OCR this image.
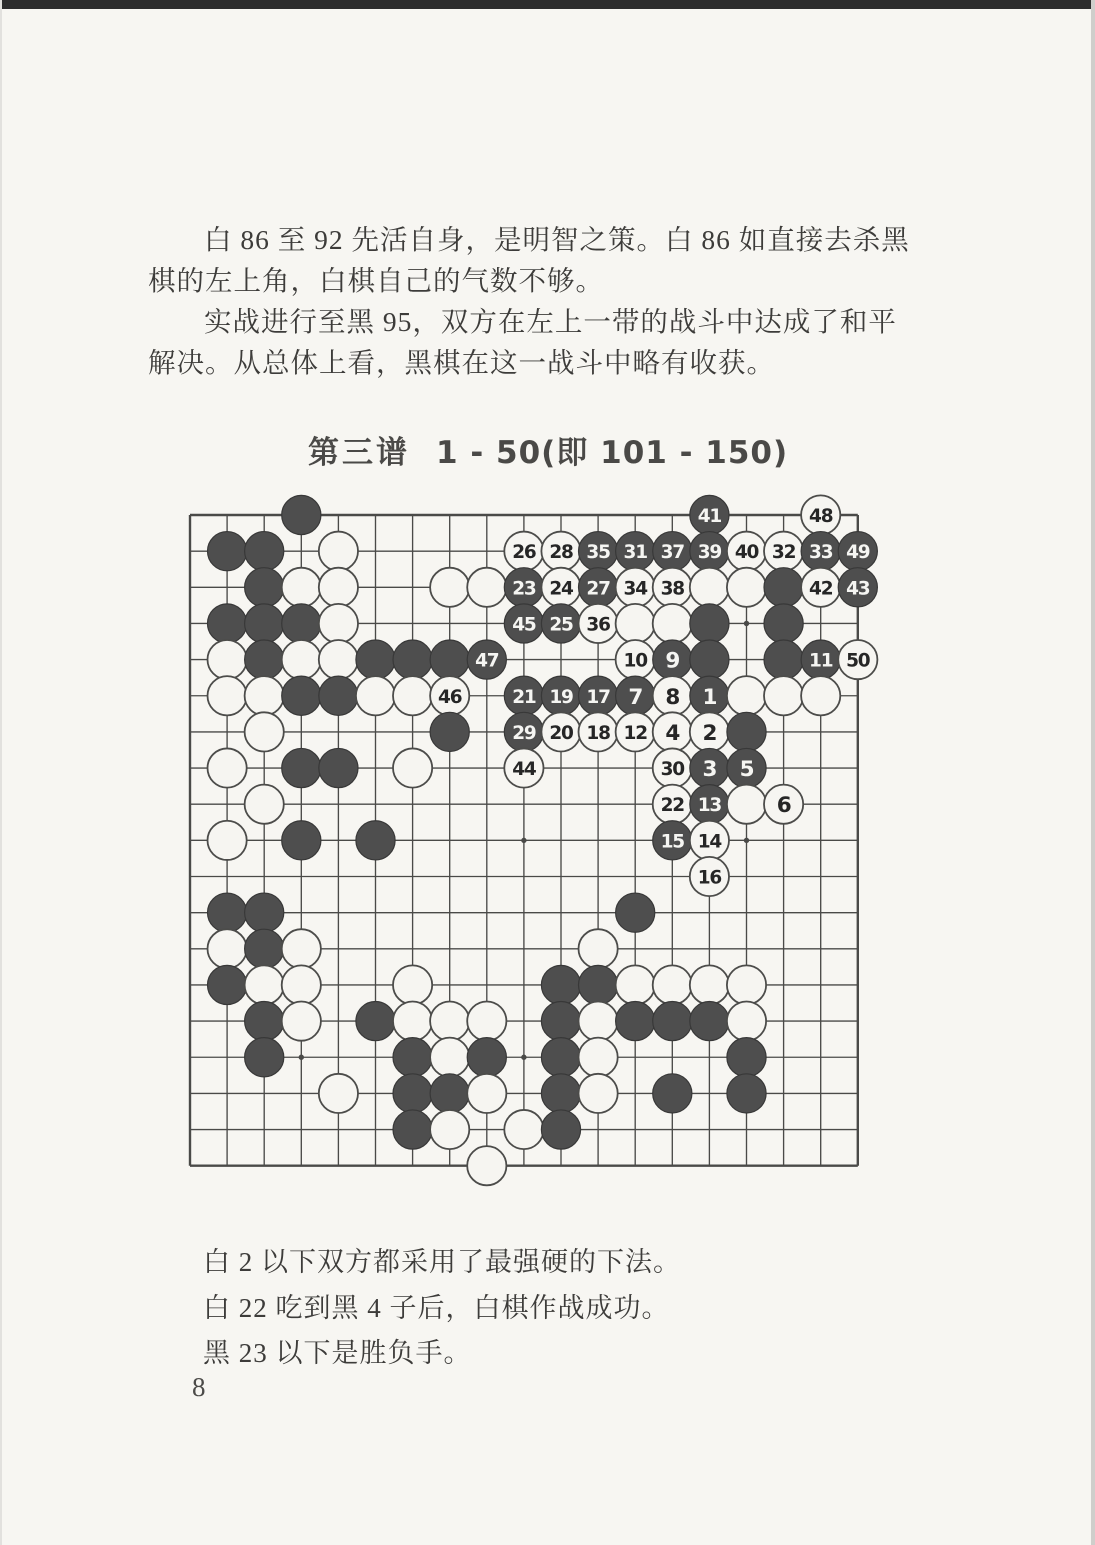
白 86 至 92 先活自身，是明智之策。白 86 如直接去杀黑
棋的左上角，白棋自己的气数不够。
实战进行至黑 95，双方在左上一带的战斗中达成了和平
解决。从总体上看，黑棋在这一战斗中略有收获。
第三谱 1 - 50(即 101 - 150)
41	48
26 28 35 31 37 39 40 32 33 49
23 24 27 34 38	42 43
45 25 36
47	10 9	11 50
46	21 19 17 7 8 1
29 20 18 12 4 2
44	30 3 5
22 13	6
15 14
16
白 2 以下双方都采用了最强硬的下法。
白 22 吃到黑 4 子后，白棋作战成功。
黑 23 以下是胜负手。
8
